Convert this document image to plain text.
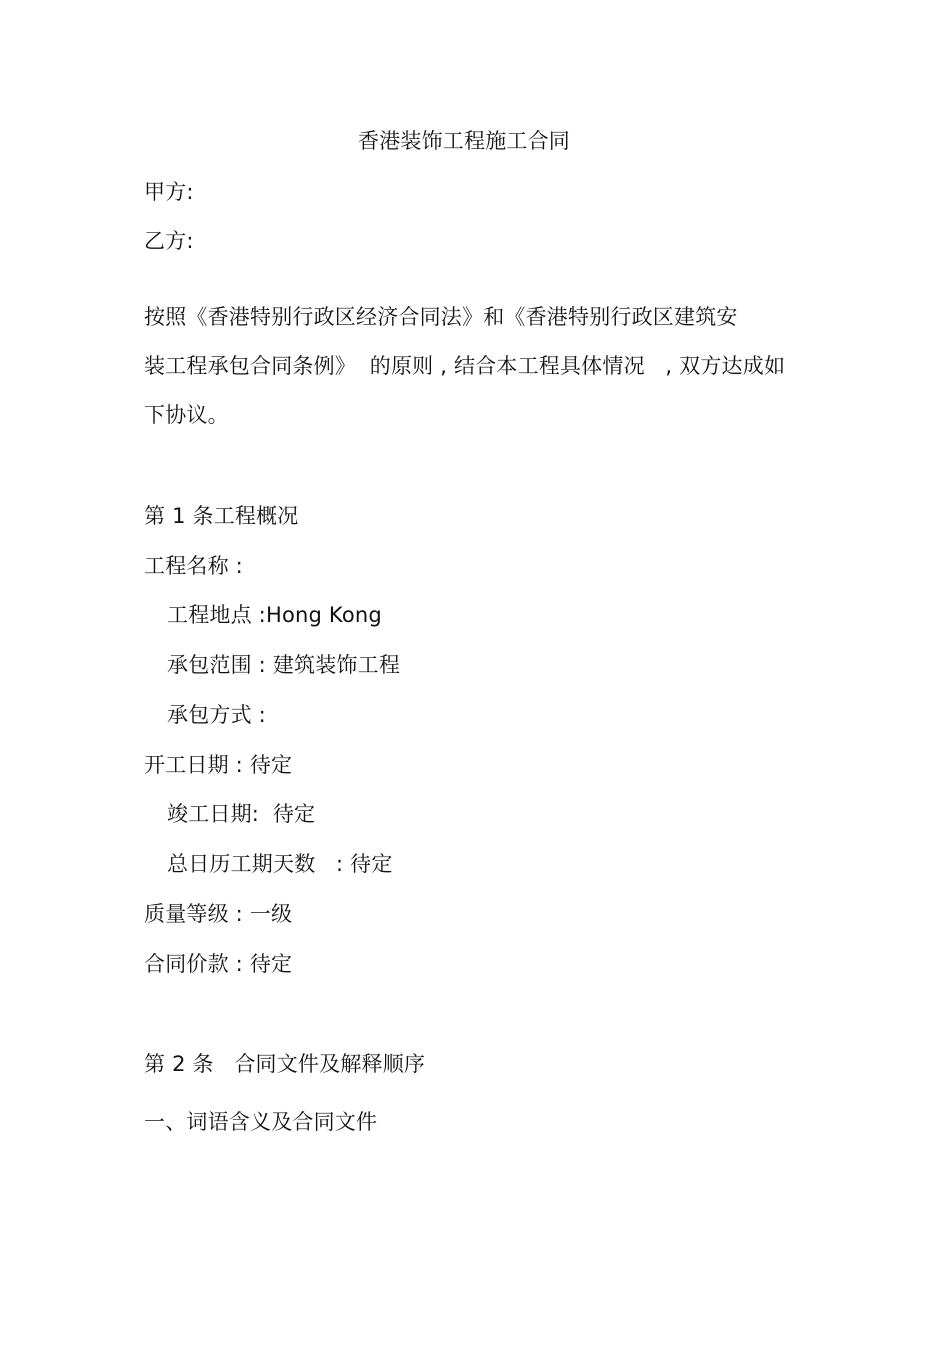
香港装饰工程施工合同
甲方:
乙方:
按照《香港特别行政区经济合同法》和《香港特别行政区建筑安
装工程承包合同条例》  的原则 , 结合本工程具体情况   , 双方达成如
下协议。
第 1 条工程概况
工程名称 :
工程地点 :Hong Kong
承包范围 : 建筑装饰工程
承包方式 :
开工日期 : 待定
竣工日期:  待定
总日历工期天数   : 待定
质量等级 : 一级
合同价款 : 待定
第 2 条   合同文件及解释顺序
一、词语含义及合同文件
